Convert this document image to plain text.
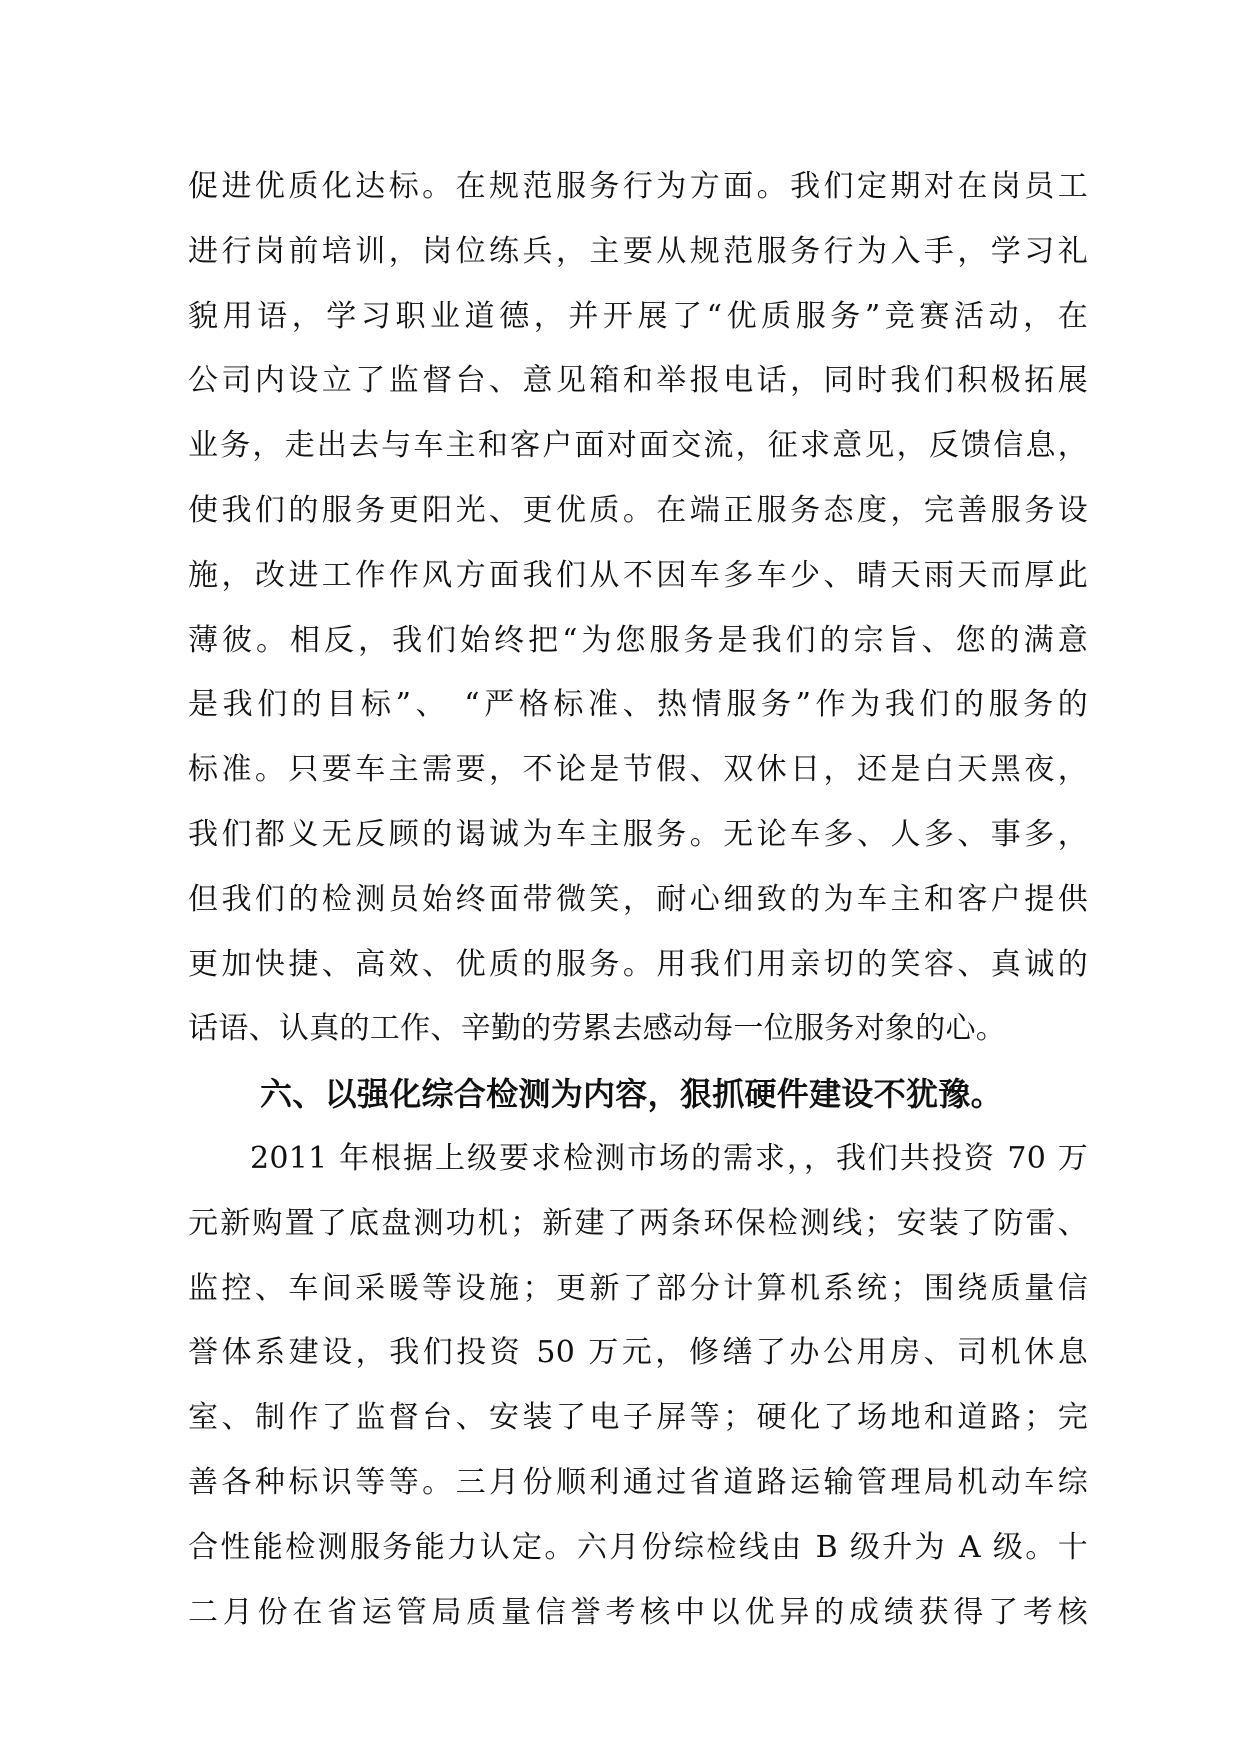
促进优质化达标。在规范服务行为方面。我们定期对在岗员工
进行岗前培训，岗位练兵，主要从规范服务行为入手，学习礼
貌用语，学习职业道德，并开展了“优质服务”竞赛活动，在
公司内设立了监督台、意见箱和举报电话，同时我们积极拓展
业务，走出去与车主和客户面对面交流，征求意见，反馈信息，
使我们的服务更阳光、更优质。在端正服务态度，完善服务设
施，改进工作作风方面我们从不因车多车少、晴天雨天而厚此
薄彼。相反，我们始终把“为您服务是我们的宗旨、您的满意
是我们的目标”、 “严格标准、热情服务”作为我们的服务的
标准。只要车主需要，不论是节假、双休日，还是白天黑夜，
我们都义无反顾的谒诚为车主服务。无论车多、人多、事多，
但我们的检测员始终面带微笑，耐心细致的为车主和客户提供
更加快捷、高效、优质的服务。用我们用亲切的笑容、真诚的
话语、认真的工作、辛勤的劳累去感动每一位服务对象的心。
六、以强化综合检测为内容，狠抓硬件建设不犹豫。
2011 年根据上级要求检测市场的需求，，我们共投资 70 万
元新购置了底盘测功机；新建了两条环保检测线；安装了防雷、
监控、车间采暖等设施；更新了部分计算机系统；围绕质量信
誉体系建设，我们投资 50 万元，修缮了办公用房、司机休息
室、制作了监督台、安装了电子屏等；硬化了场地和道路；完
善各种标识等等。三月份顺利通过省道路运输管理局机动车综
合性能检测服务能力认定。六月份综检线由 B 级升为 A 级。十
二月份在省运管局质量信誉考核中以优异的成绩获得了考核
